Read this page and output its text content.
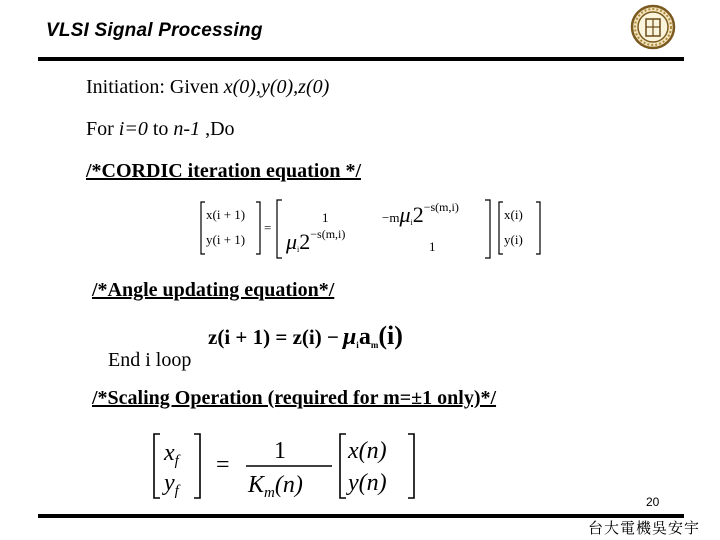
VLSI Signal Processing
Initiation: Given x(0),y(0),z(0)
For i=0 to n-1 ,Do
/*CORDIC iteration equation */
x(i + 1)
y(i + 1)
=
1	$-m\mu_i2-s(m,i)$
$\mu_i2-s(m,i)$
1
x(i)
y(i)
/*Angle updating equation*/
z(i + 1) = z(i) − μiam(i)
End i loop
/*Scaling Operation (required for m=±1 only)*/
$x_f$
$y_f$
=
1
$K_m(n)$
x(n)
y(n)
20
台大電機吳安宇
